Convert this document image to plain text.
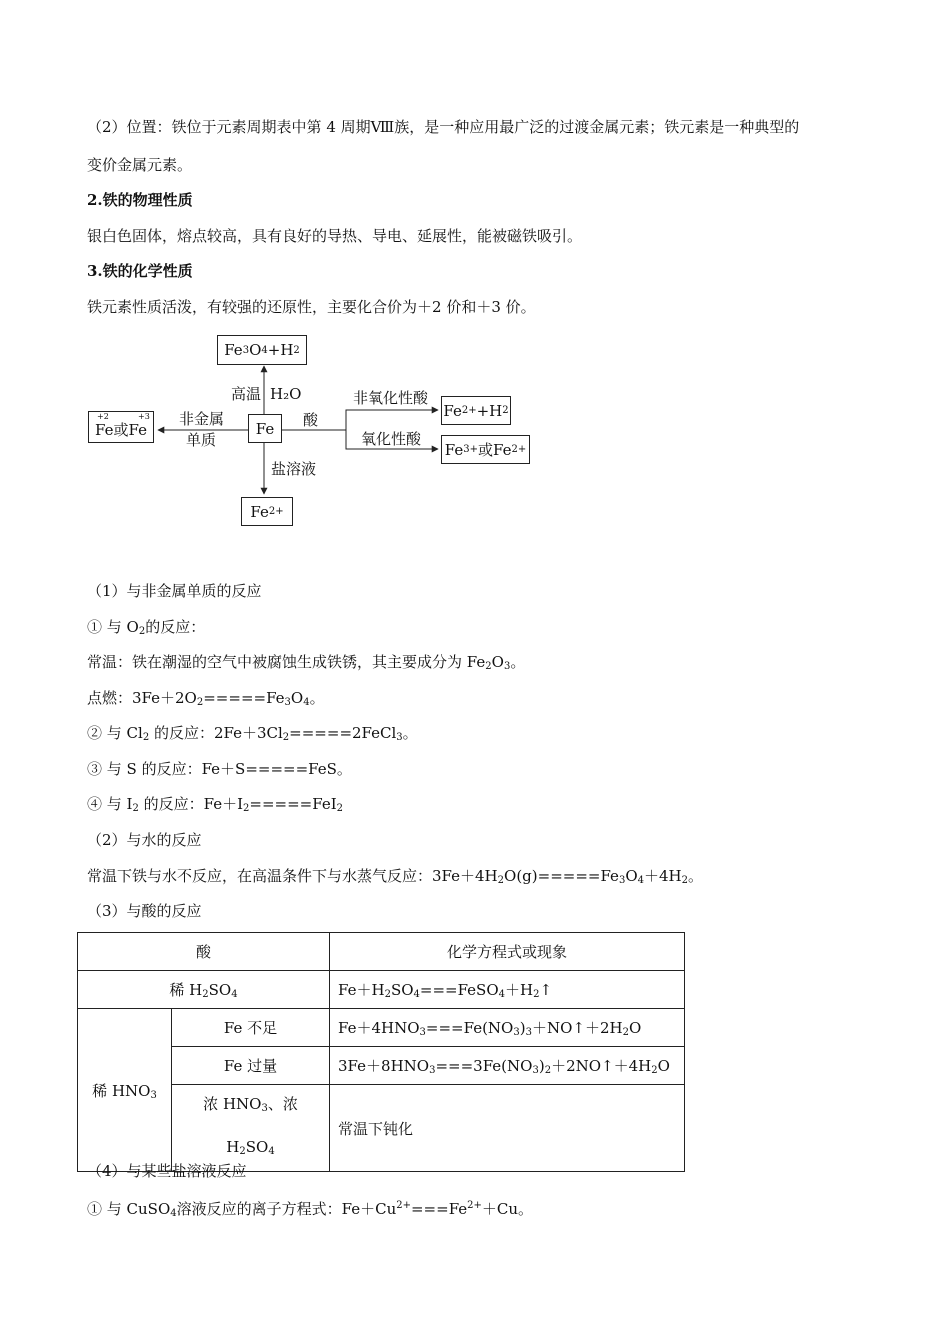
（2）位置：铁位于元素周期表中第 4 周期Ⅷ族，是一种应用最广泛的过渡金属元素；铁元素是一种典型的
变价金属元素。
2.铁的物理性质
银白色固体，熔点较高，具有良好的导热、导电、延展性，能被磁铁吸引。
3.铁的化学性质
铁元素性质活泼，有较强的还原性，主要化合价为＋2 价和＋3 价。
Fe 3 O 4 +H 2
高温 H₂O
Fe
Fe或Fe
+2	+3 非金属
单质
酸
非氧化性酸
Fe 2+ +H 2
氧化性酸
Fe 3+ 或Fe 2+
盐溶液
Fe 2+
（1）与非金属单质的反应
① 与 $O_2$的反应：
常温：铁在潮湿的空气中被腐蚀生成铁锈，其主要成分为 $Fe_2O_3$。
点燃：$3Fe+2O_2=====Fe_3O_4$。
② 与 $Cl_2$ 的反应：$2Fe+3Cl_2=====2FeCl_3$。
③ 与 S 的反应：Fe＋S=====FeS。
④ 与 $I_2$ 的反应：$Fe+I_2=====FeI_2$
（2）与水的反应
常温下铁与水不反应，在高温条件下与水蒸气反应：$3Fe+4H_2O(g)=====Fe_3O_4+4H_2$。
（3）与酸的反应
酸		化学方程式或现象
稀 $H_2SO_4$		$Fe+H_2SO_4===FeSO_4+H_2↑$
稀 $HNO_3$	Fe 不足	$Fe+4HNO_3===Fe(NO_3)_3+NO↑+2H_2O$
	Fe 过量	$3Fe+8HNO_3===3Fe(NO_3)_2+2NO↑+4H_2O$
	浓 $HNO_3$、浓
$H_2SO_4$	常温下钝化
（4）与某些盐溶液反应
① 与 CuSO$_4$溶液反应的离子方程式：$Fe+Cu^{2+}===Fe^{2+}+Cu$。
